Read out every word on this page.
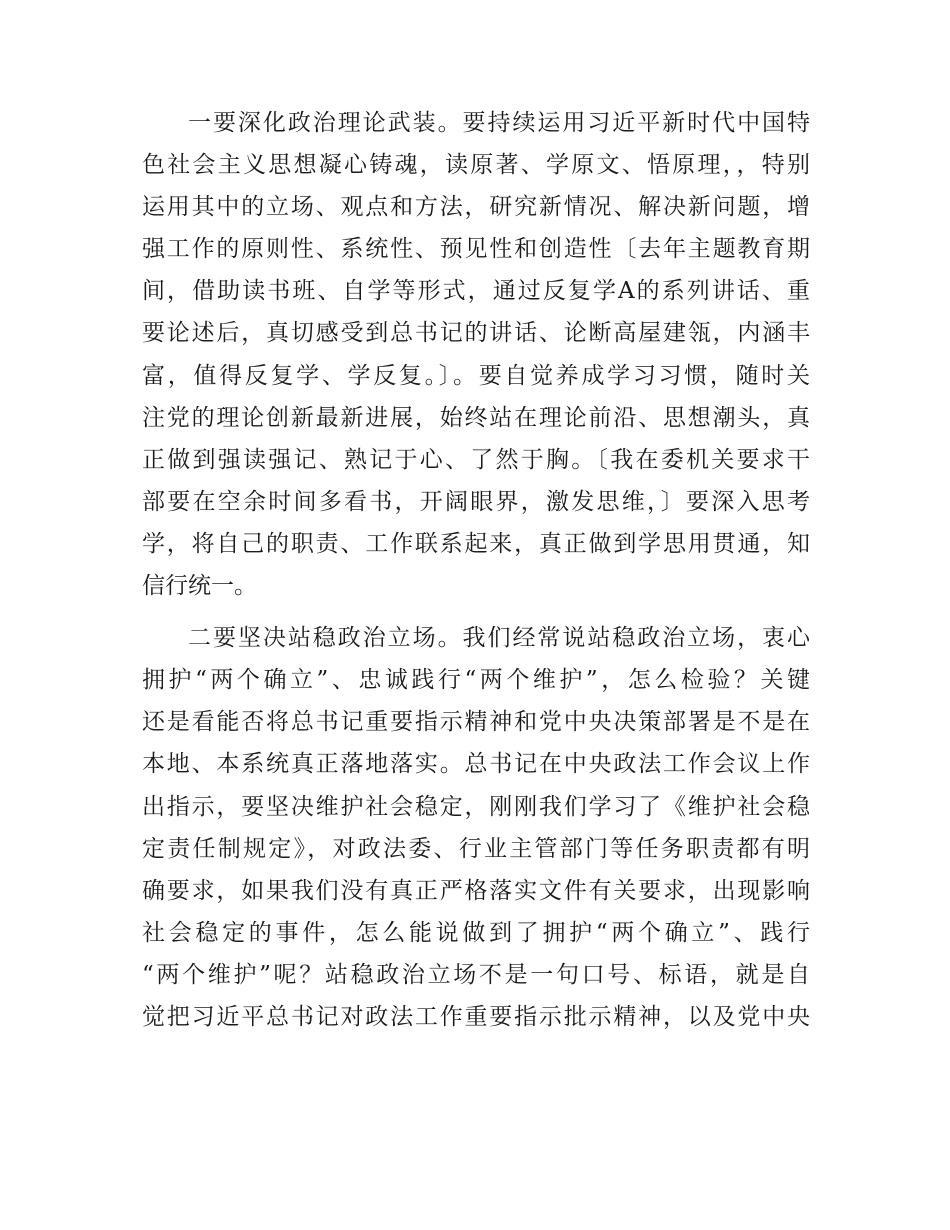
一要深化政治理论武装。要持续运用习近平新时代中国特
色社会主义思想凝心铸魂，读原著、学原文、悟原理，，特别
运用其中的立场、观点和方法，研究新情况、解决新问题，增
强工作的原则性、系统性、预见性和创造性〔去年主题教育期
间，借助读书班、自学等形式，通过反复学A的系列讲话、重
要论述后，真切感受到总书记的讲话、论断高屋建瓴，内涵丰
富，值得反复学、学反复。〕。要自觉养成学习习惯，随时关
注党的理论创新最新进展，始终站在理论前沿、思想潮头，真
正做到强读强记、熟记于心、了然于胸。〔我在委机关要求干
部要在空余时间多看书，开阔眼界，激发思维，〕要深入思考
学，将自己的职责、工作联系起来，真正做到学思用贯通，知
信行统一。
二要坚决站稳政治立场。我们经常说站稳政治立场，衷心
拥护“两个确立”、忠诚践行“两个维护”，怎么检验？关键
还是看能否将总书记重要指示精神和党中央决策部署是不是在
本地、本系统真正落地落实。总书记在中央政法工作会议上作
出指示，要坚决维护社会稳定，刚刚我们学习了《维护社会稳
定责任制规定》，对政法委、行业主管部门等任务职责都有明
确要求，如果我们没有真正严格落实文件有关要求，出现影响
社会稳定的事件，怎么能说做到了拥护“两个确立”、践行
“两个维护”呢？站稳政治立场不是一句口号、标语，就是自
觉把习近平总书记对政法工作重要指示批示精神，以及党中央
